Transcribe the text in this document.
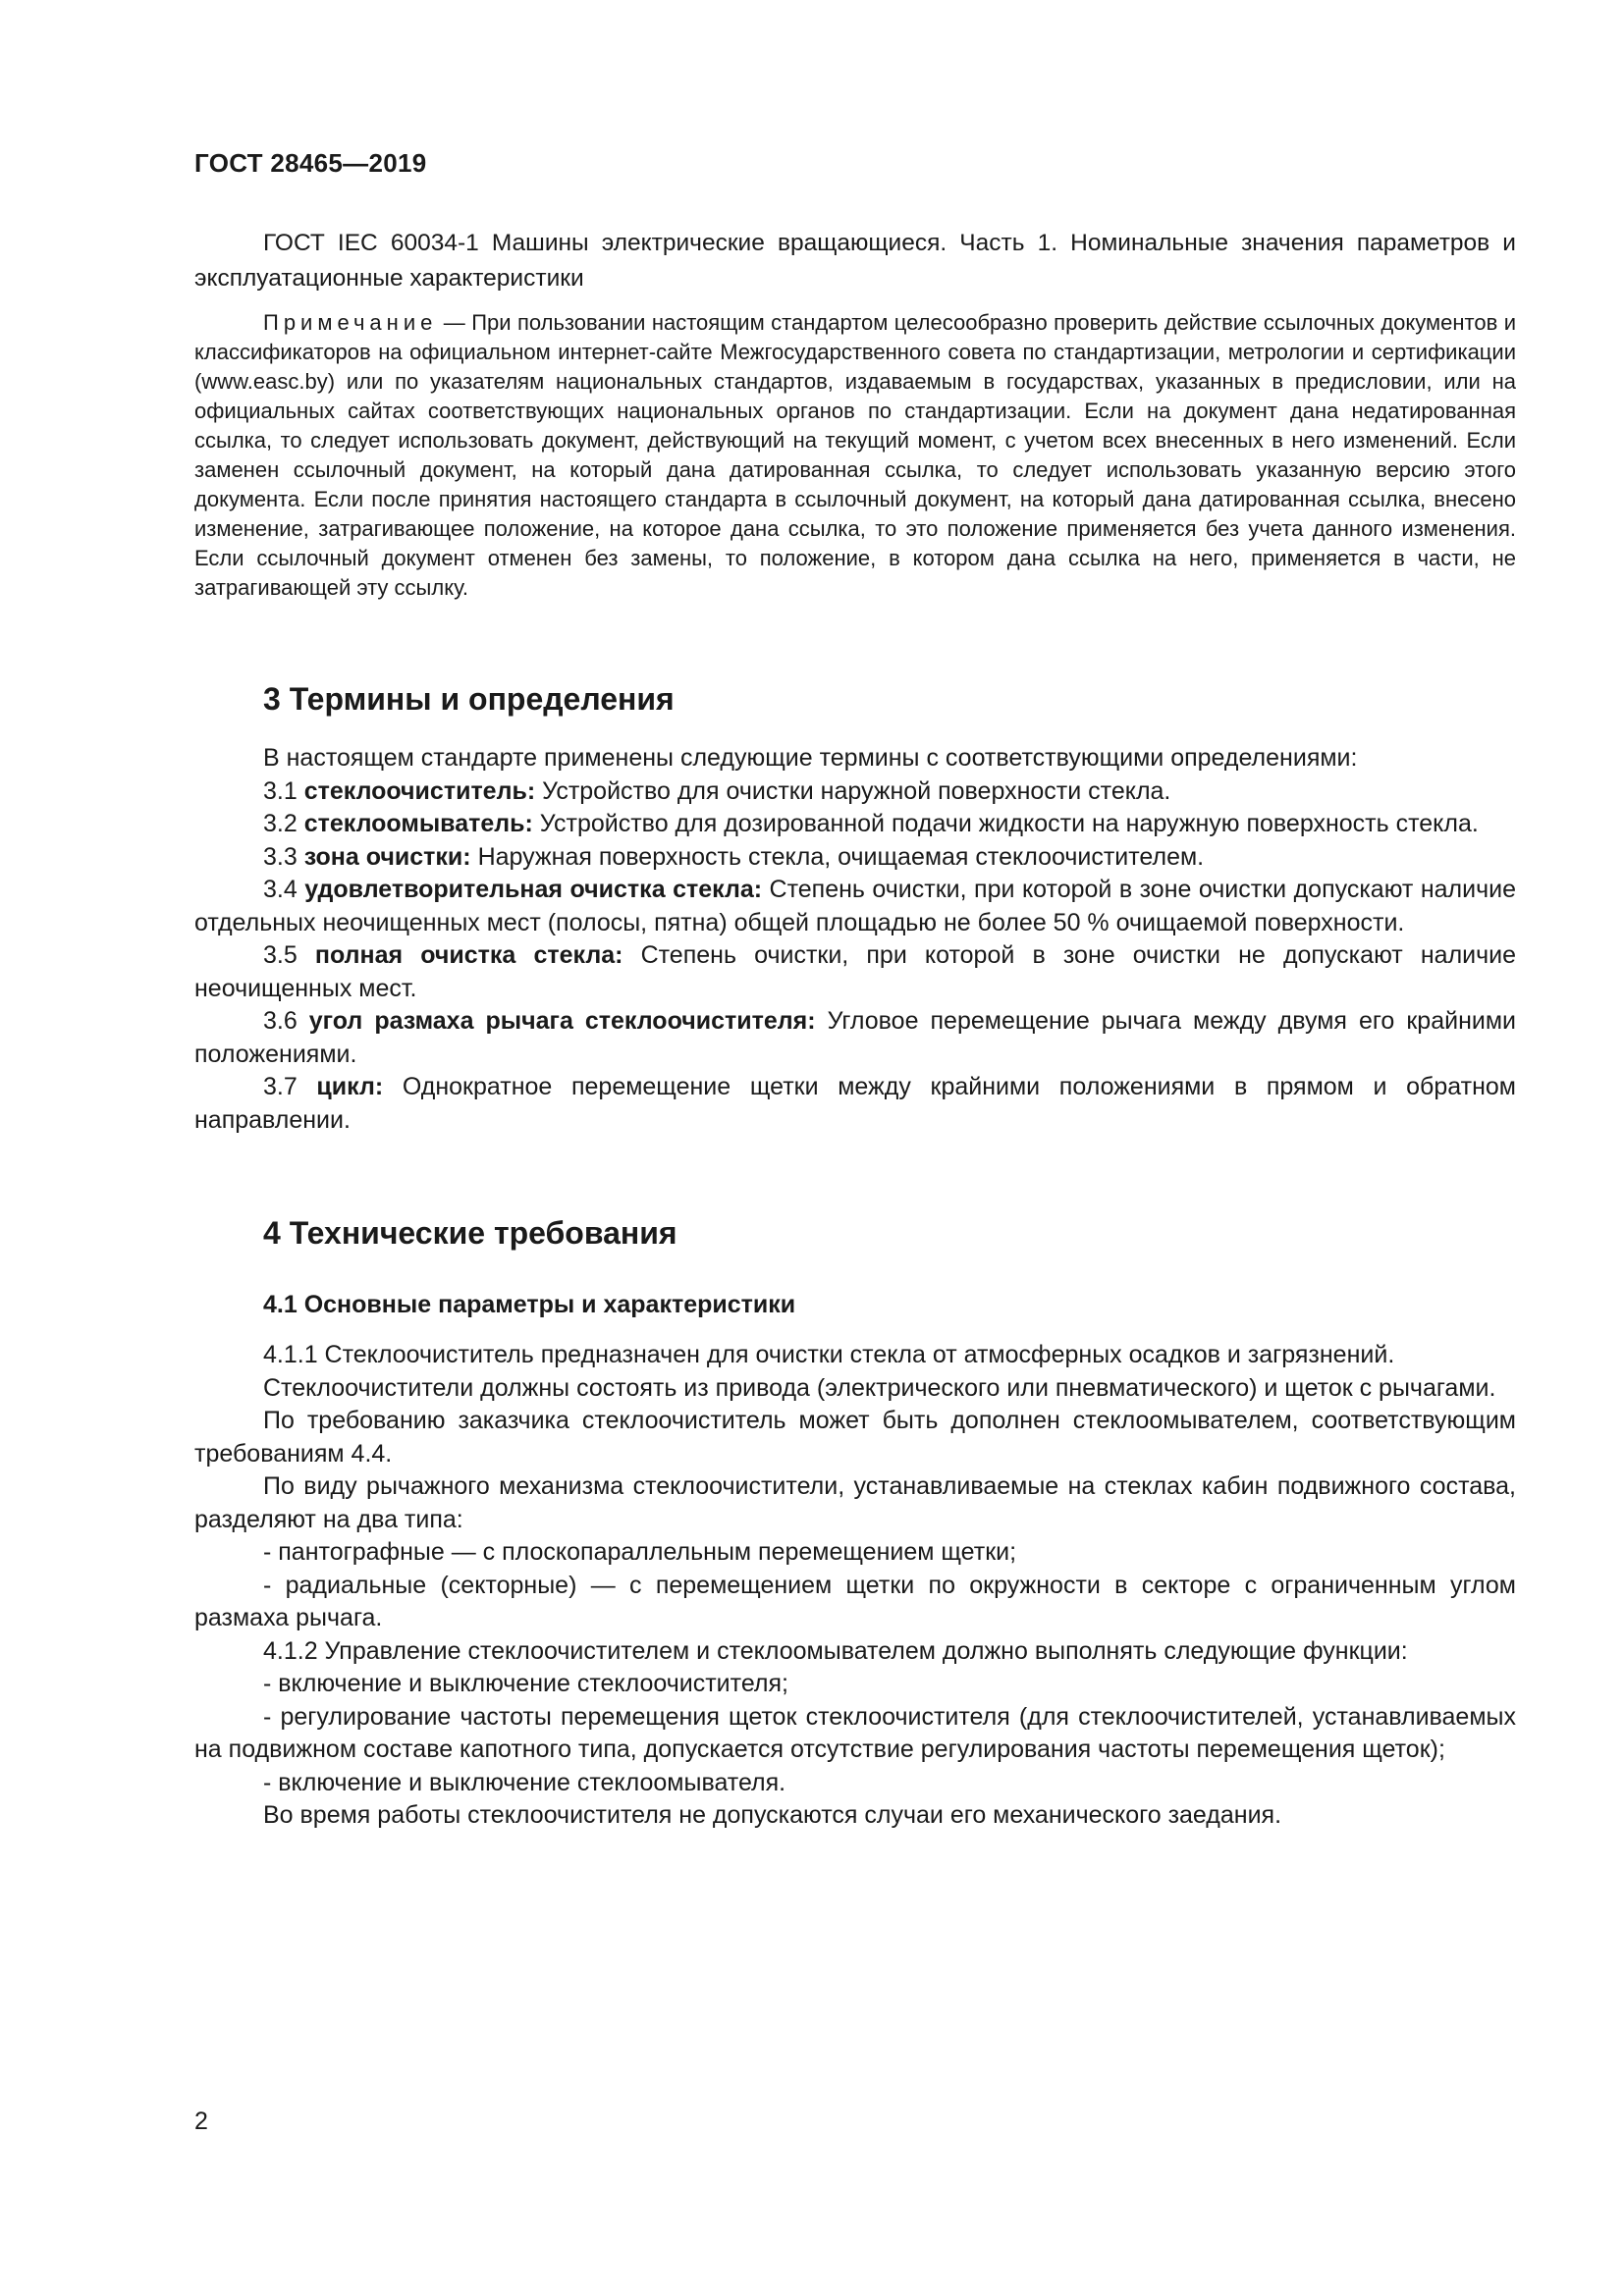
ГОСТ 28465—2019

ГОСТ IEC 60034-1 Машины электрические вращающиеся. Часть 1. Номинальные значения параметров и эксплуатационные характеристики

Примечание — При пользовании настоящим стандартом целесообразно проверить действие ссылочных документов и классификаторов на официальном интернет-сайте Межгосударственного совета по стандартизации, метрологии и сертификации (www.easc.by) или по указателям национальных стандартов, издаваемым в государствах, указанных в предисловии, или на официальных сайтах соответствующих национальных органов по стандартизации. Если на документ дана недатированная ссылка, то следует использовать документ, действующий на текущий момент, с учетом всех внесенных в него изменений. Если заменен ссылочный документ, на который дана датированная ссылка, то следует использовать указанную версию этого документа. Если после принятия настоящего стандарта в ссылочный документ, на который дана датированная ссылка, внесено изменение, затрагивающее положение, на которое дана ссылка, то это положение применяется без учета данного изменения. Если ссылочный документ отменен без замены, то положение, в котором дана ссылка на него, применяется в части, не затрагивающей эту ссылку.

3 Термины и определения

В настоящем стандарте применены следующие термины с соответствующими определениями:

3.1 стеклоочиститель: Устройство для очистки наружной поверхности стекла.

3.2 стеклоомыватель: Устройство для дозированной подачи жидкости на наружную поверхность стекла.

3.3 зона очистки: Наружная поверхность стекла, очищаемая стеклоочистителем.

3.4 удовлетворительная очистка стекла: Степень очистки, при которой в зоне очистки допускают наличие отдельных неочищенных мест (полосы, пятна) общей площадью не более 50 % очищаемой поверхности.

3.5 полная очистка стекла: Степень очистки, при которой в зоне очистки не допускают наличие неочищенных мест.

3.6 угол размаха рычага стеклоочистителя: Угловое перемещение рычага между двумя его крайними положениями.

3.7 цикл: Однократное перемещение щетки между крайними положениями в прямом и обратном направлении.

4 Технические требования
4.1 Основные параметры и характеристики

4.1.1 Стеклоочиститель предназначен для очистки стекла от атмосферных осадков и загрязнений.

Стеклоочистители должны состоять из привода (электрического или пневматического) и щеток с рычагами.

По требованию заказчика стеклоочиститель может быть дополнен стеклоомывателем, соответствующим требованиям 4.4.

По виду рычажного механизма стеклоочистители, устанавливаемые на стеклах кабин подвижного состава, разделяют на два типа:

- пантографные — с плоскопараллельным перемещением щетки;

- радиальные (секторные) — с перемещением щетки по окружности в секторе с ограниченным углом размаха рычага.

4.1.2 Управление стеклоочистителем и стеклоомывателем должно выполнять следующие функции:

- включение и выключение стеклоочистителя;

- регулирование частоты перемещения щеток стеклоочистителя (для стеклоочистителей, устанавливаемых на подвижном составе капотного типа, допускается отсутствие регулирования частоты перемещения щеток);

- включение и выключение стеклоомывателя.

Во время работы стеклоочистителя не допускаются случаи его механического заедания.

2
